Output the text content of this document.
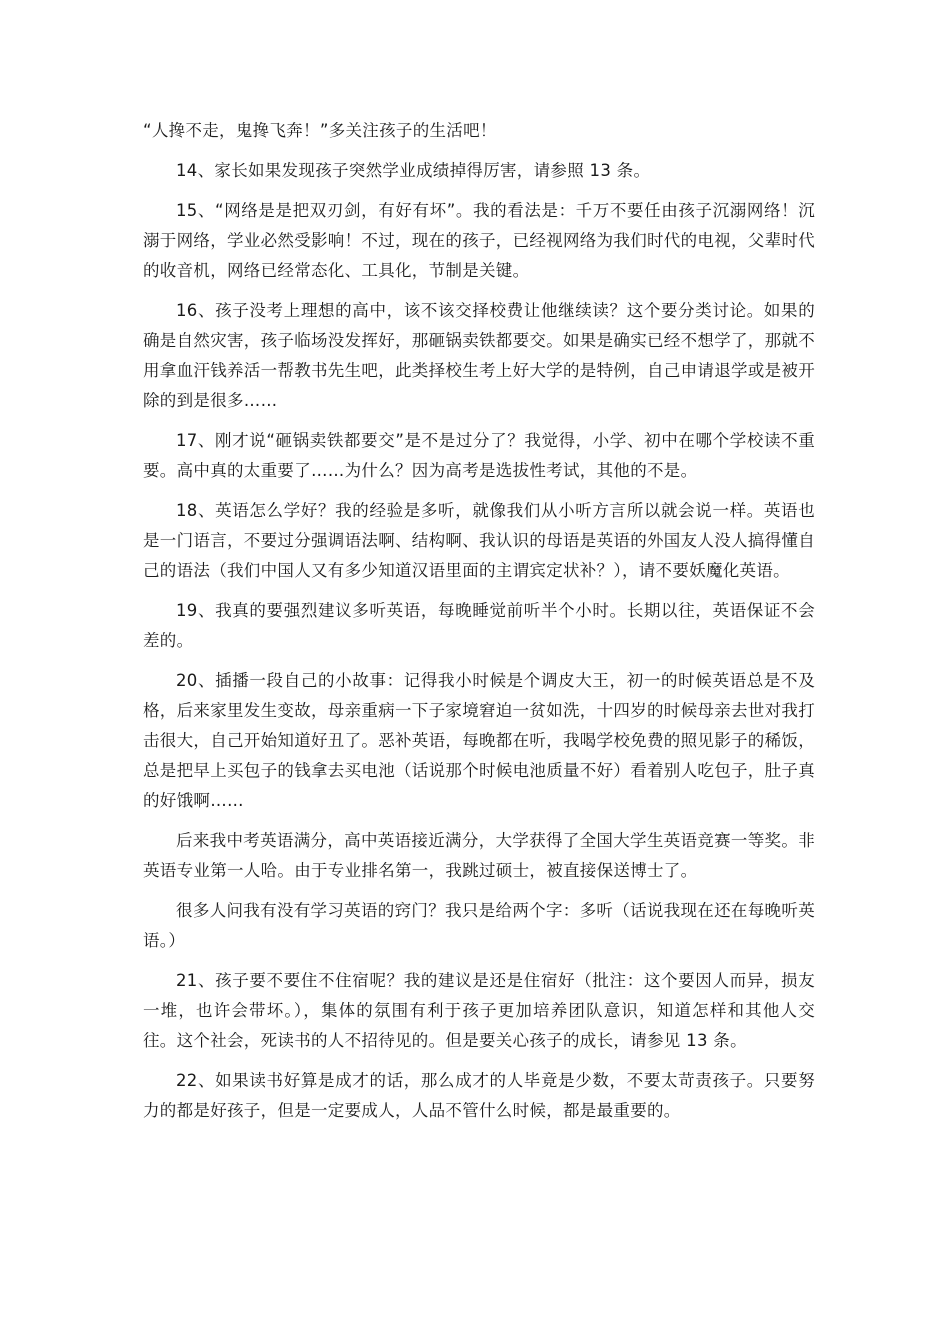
“人搀不走，鬼搀飞奔！”多关注孩子的生活吧！

14、家长如果发现孩子突然学业成绩掉得厉害，请参照 13 条。

15、“网络是是把双刃剑，有好有坏”。我的看法是：千万不要任由孩子沉溺网络！沉溺于网络，学业必然受影响！不过，现在的孩子，已经视网络为我们时代的电视，父辈时代的收音机，网络已经常态化、工具化，节制是关键。

16、孩子没考上理想的高中，该不该交择校费让他继续读？这个要分类讨论。如果的确是自然灾害，孩子临场没发挥好，那砸锅卖铁都要交。如果是确实已经不想学了，那就不用拿血汗钱养活一帮教书先生吧，此类择校生考上好大学的是特例，自己申请退学或是被开除的到是很多……

17、刚才说“砸锅卖铁都要交”是不是过分了？我觉得，小学、初中在哪个学校读不重要。高中真的太重要了……为什么？因为高考是选拔性考试，其他的不是。

18、英语怎么学好？我的经验是多听，就像我们从小听方言所以就会说一样。英语也是一门语言，不要过分强调语法啊、结构啊、我认识的母语是英语的外国友人没人搞得懂自己的语法（我们中国人又有多少知道汉语里面的主谓宾定状补？），请不要妖魔化英语。

19、我真的要强烈建议多听英语，每晚睡觉前听半个小时。长期以往，英语保证不会差的。

20、插播一段自己的小故事：记得我小时候是个调皮大王，初一的时候英语总是不及格，后来家里发生变故，母亲重病一下子家境窘迫一贫如洗，十四岁的时候母亲去世对我打击很大，自己开始知道好丑了。恶补英语，每晚都在听，我喝学校免费的照见影子的稀饭，总是把早上买包子的钱拿去买电池（话说那个时候电池质量不好）看着别人吃包子，肚子真的好饿啊……

后来我中考英语满分，高中英语接近满分，大学获得了全国大学生英语竞赛一等奖。非英语专业第一人哈。由于专业排名第一，我跳过硕士，被直接保送博士了。

很多人问我有没有学习英语的窍门？我只是给两个字：多听（话说我现在还在每晚听英语。）

21、孩子要不要住不住宿呢？我的建议是还是住宿好（批注：这个要因人而异，损友一堆，也许会带坏。），集体的氛围有利于孩子更加培养团队意识，知道怎样和其他人交往。这个社会，死读书的人不招待见的。但是要关心孩子的成长，请参见 13 条。

22、如果读书好算是成才的话，那么成才的人毕竟是少数，不要太苛责孩子。只要努力的都是好孩子，但是一定要成人，人品不管什么时候，都是最重要的。
